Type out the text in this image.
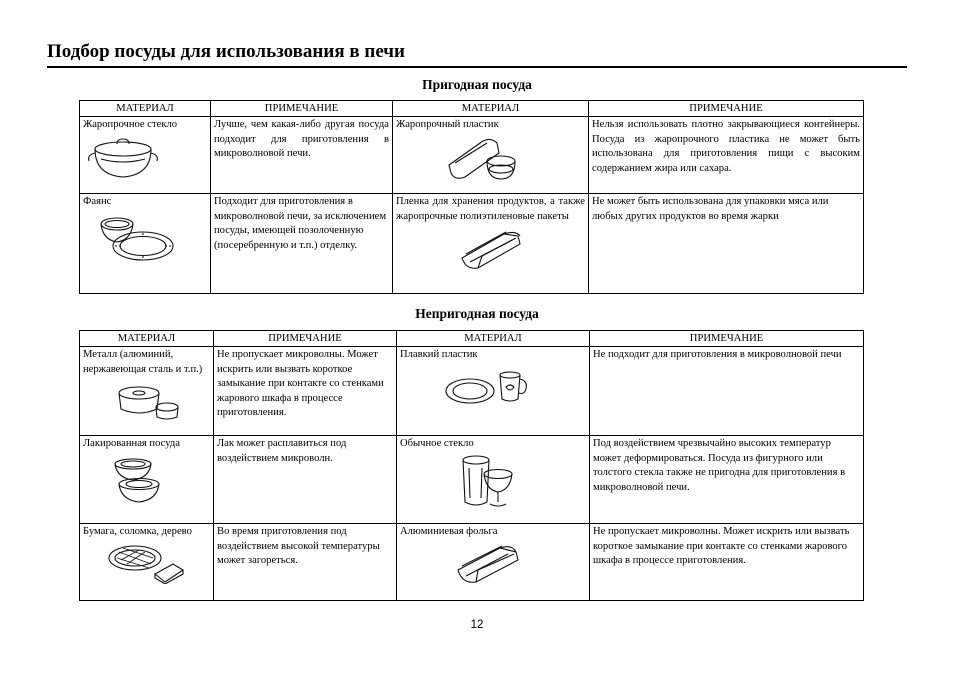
Подбор посуды для использования в печи
Пригодная посуда
МАТЕРИАЛ	ПРИМЕЧАНИЕ	МАТЕРИАЛ	ПРИМЕЧАНИЕ

Жаропрочное стекло	Лучше, чем какая-либо другая посуда подходит для приготовления в микроволновой печи.	Жаропрочный пластик	Нельзя использовать плотно закрывающиеся контейнеры. Посуда из жаропрочного пластика не может быть использована для приготовления пищи с высоким содержанием жира или сахара.

Фаянс	Подходит для приготовления в микроволновой печи, за исключением посуды, имеющей позолоченную (посеребренную и т.п.) отделку.	Пленка для хранения продуктов, а также жаропрочные полиэтиленовые пакеты	Не может быть использована для упаковки мяса или любых других продуктов во время жарки
Непригодная посуда
МАТЕРИАЛ	ПРИМЕЧАНИЕ	МАТЕРИАЛ	ПРИМЕЧАНИЕ

Металл (алюминий, нержавеющая сталь и т.п.)	Не пропускает микроволны. Может искрить или вызвать короткое замыкание при контакте со стенками жарового шкафа в процессе приготовления.	Плавкий пластик	Не подходит для приготовления в микроволновой печи

Лакированная посуда	Лак может расплавиться под воздействием микроволн.	Обычное стекло	Под воздействием чрезвычайно высоких температур может деформироваться. Посуда из фигурного или толстого стекла также не пригодна для приготовления в микроволновой печи.

Бумага, соломка, дерево	Во время приготовления под воздействием высокой температуры может загореться.	Алюминиевая фольга	Не пропускает микроволны. Может искрить или вызвать короткое замыкание при контакте со стенками жарового шкафа в процессе приготовления.
12
